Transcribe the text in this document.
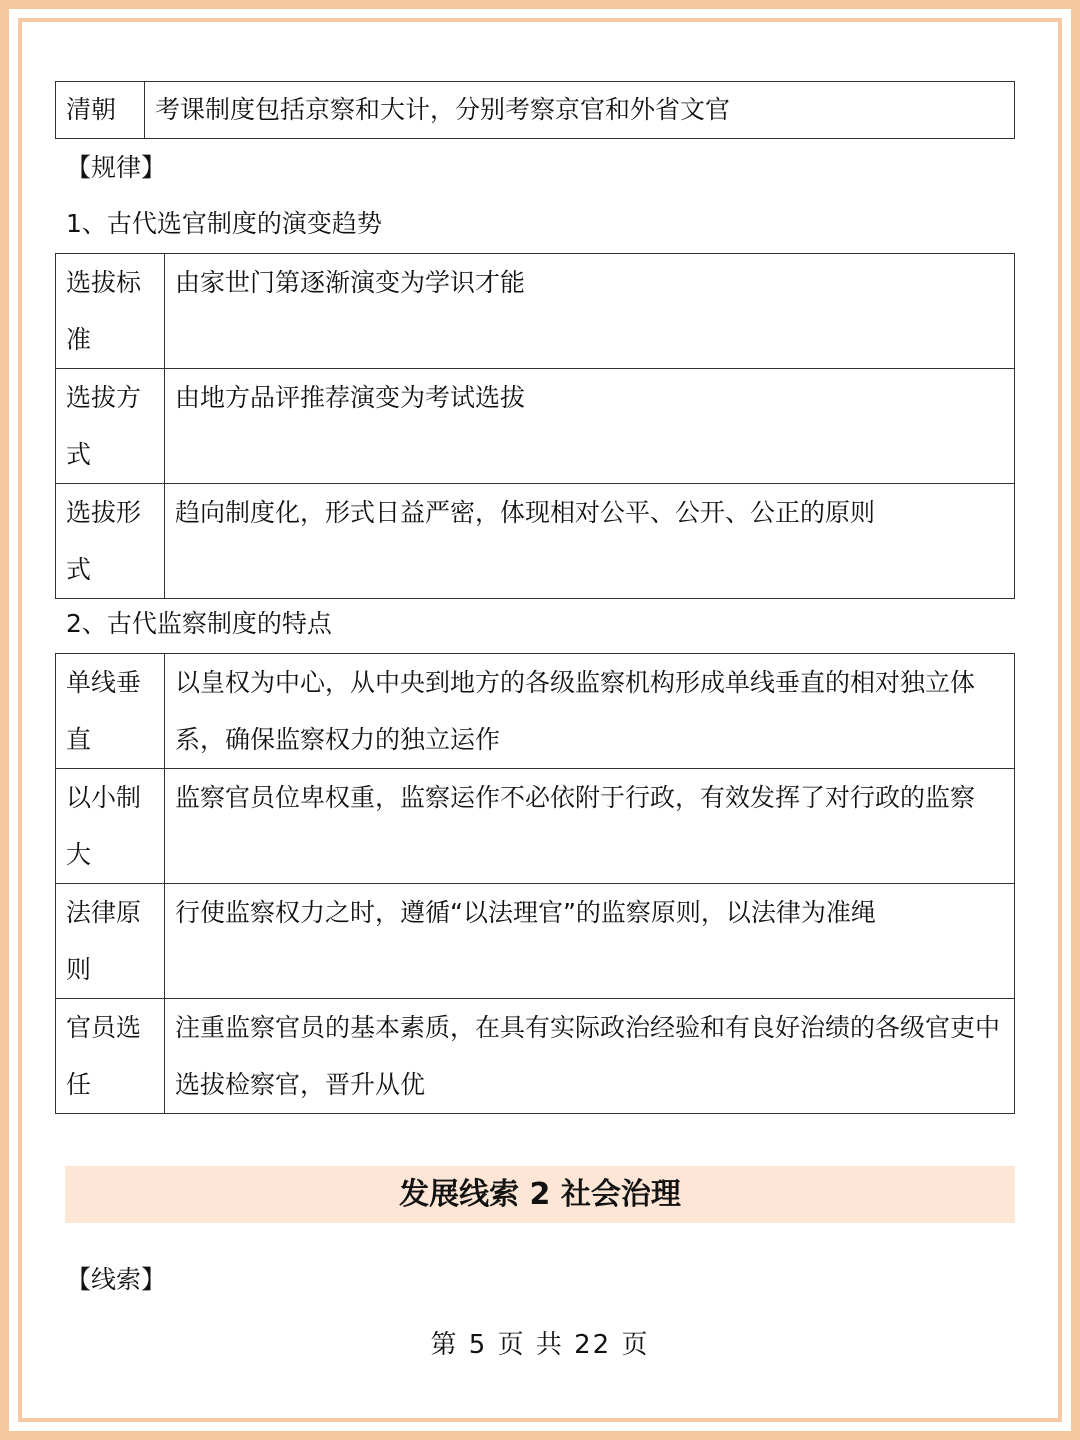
清朝	考课制度包括京察和大计，分别考察京官和外省文官
【规律】
1、古代选官制度的演变趋势
选拔标准	由家世门第逐渐演变为学识才能
选拔方式	由地方品评推荐演变为考试选拔
选拔形式	趋向制度化，形式日益严密，体现相对公平、公开、公正的原则
2、古代监察制度的特点
单线垂直	以皇权为中心，从中央到地方的各级监察机构形成单线垂直的相对独立体系，确保监察权力的独立运作
以小制大	监察官员位卑权重，监察运作不必依附于行政，有效发挥了对行政的监察
法律原则	行使监察权力之时，遵循“以法理官”的监察原则，以法律为准绳
官员选任	注重监察官员的基本素质，在具有实际政治经验和有良好治绩的各级官吏中选拔检察官，晋升从优
发展线索 2 社会治理
【线索】
第 5 页 共 22 页
